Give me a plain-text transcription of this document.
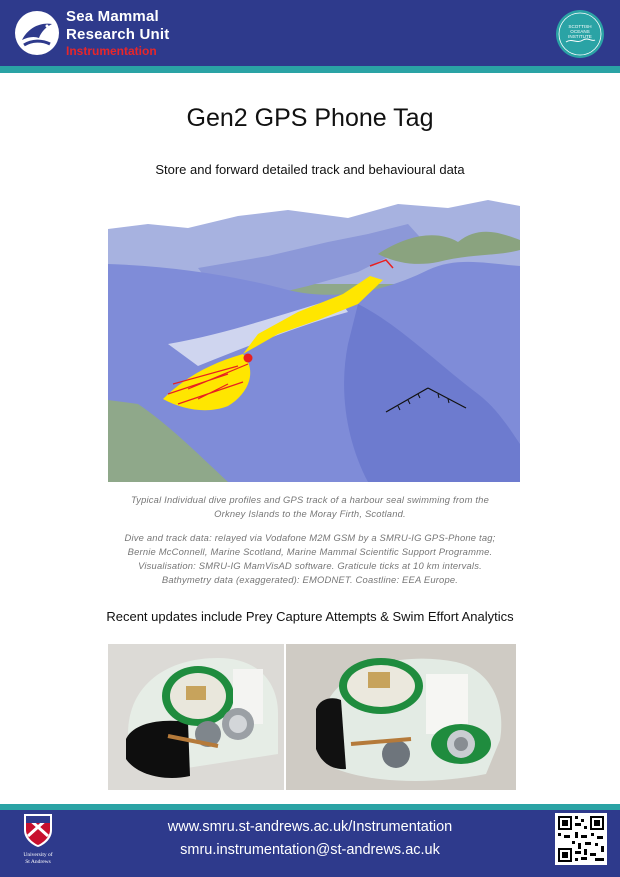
Sea Mammal
Research Unit
Instrumentation
SCOTTISH
OCEANS
INSTITUTE
Gen2 GPS Phone Tag
Store and forward detailed track and behavioural data
Typical Individual dive profiles and GPS track of a harbour seal swimming from the
Orkney Islands to the Moray Firth, Scotland.
Dive and track data: relayed via Vodafone M2M GSM by a SMRU-IG GPS-Phone tag;
Bernie McConnell, Marine Scotland, Marine Mammal Scientific Support Programme.
Visualisation: SMRU-IG MamVisAD software. Graticule ticks at 10 km intervals.
Bathymetry data (exaggerated): EMODNET. Coastline: EEA Europe.
Recent updates include Prey Capture Attempts & Swim Effort Analytics
University of
St Andrews
www.smru.st-andrews.ac.uk/Instrumentation
smru.instrumentation@st-andrews.ac.uk
